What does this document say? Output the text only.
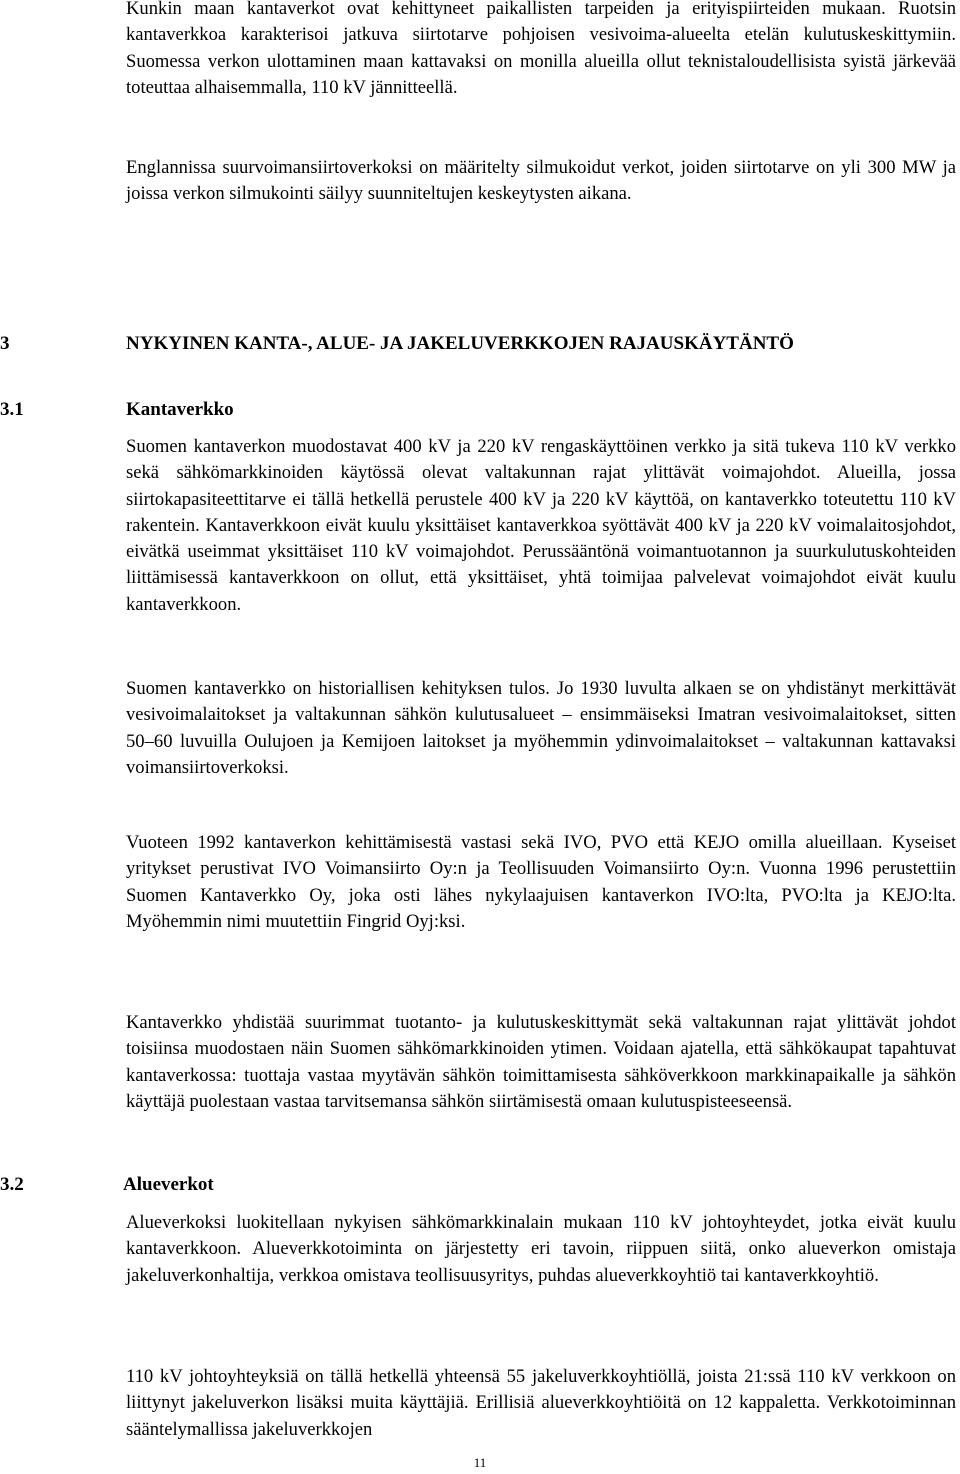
Kunkin maan kantaverkot ovat kehittyneet paikallisten tarpeiden ja erityispiirteiden mukaan. Ruotsin kantaverkkoa karakterisoi jatkuva siirtotarve pohjoisen vesivoima-alueelta etelän kulutuskeskittymiin. Suomessa verkon ulottaminen maan kattavaksi on monilla alueilla ollut teknistaloudellisista syistä järkevää toteuttaa alhaisemmalla, 110 kV jännitteellä.

Englannissa suurvoimansiirtoverkoksi on määritelty silmukoidut verkot, joiden siirtotarve on yli 300 MW ja joissa verkon silmukointi säilyy suunniteltujen keskeytysten aikana.

3	NYKYINEN KANTA-, ALUE- JA JAKELUVERKKOJEN RAJAUSKÄYTÄNTÖ
3.1	Kantaverkko

Suomen kantaverkon muodostavat 400 kV ja 220 kV rengaskäyttöinen verkko ja sitä tukeva 110 kV verkko sekä sähkömarkkinoiden käytössä olevat valtakunnan rajat ylittävät voimajohdot. Alueilla, jossa siirtokapasiteettitarve ei tällä hetkellä perustele 400 kV ja 220 kV käyttöä, on kantaverkko toteutettu 110 kV rakentein. Kantaverkkoon eivät kuulu yksittäiset kantaverkkoa syöttävät 400 kV ja 220 kV voimalaitosjohdot, eivätkä useimmat yksittäiset 110 kV voimajohdot. Perussääntönä voimantuotannon ja suurkulutuskohteiden liittämisessä kantaverkkoon on ollut, että yksittäiset, yhtä toimijaa palvelevat voimajohdot eivät kuulu kantaverkkoon.

Suomen kantaverkko on historiallisen kehityksen tulos. Jo 1930 luvulta alkaen se on yhdistänyt merkittävät vesivoimalaitokset ja valtakunnan sähkön kulutusalueet – ensimmäiseksi Imatran vesivoimalaitokset, sitten 50–60 luvuilla Oulujoen ja Kemijoen laitokset ja myöhemmin ydinvoimalaitokset – valtakunnan kattavaksi voimansiirtoverkoksi.

Vuoteen 1992 kantaverkon kehittämisestä vastasi sekä IVO, PVO että KEJO omilla alueillaan. Kyseiset yritykset perustivat IVO Voimansiirto Oy:n ja Teollisuuden Voimansiirto Oy:n. Vuonna 1996 perustettiin Suomen Kantaverkko Oy, joka osti lähes nykylaajuisen kantaverkon IVO:lta, PVO:lta ja KEJO:lta. Myöhemmin nimi muutettiin Fingrid Oyj:ksi.

Kantaverkko yhdistää suurimmat tuotanto- ja kulutuskeskittymät sekä valtakunnan rajat ylittävät johdot toisiinsa muodostaen näin Suomen sähkömarkkinoiden ytimen. Voidaan ajatella, että sähkökaupat tapahtuvat kantaverkossa: tuottaja vastaa myytävän sähkön toimittamisesta sähköverkkoon markkinapaikalle ja sähkön käyttäjä puolestaan vastaa tarvitsemansa sähkön siirtämisestä omaan kulutuspisteeseensä.

3.2	Alueverkot

Alueverkoksi luokitellaan nykyisen sähkömarkkinalain mukaan 110 kV johtoyhteydet, jotka eivät kuulu kantaverkkoon. Alueverkkotoiminta on järjestetty eri tavoin, riippuen siitä, onko alueverkon omistaja jakeluverkonhaltija, verkkoa omistava teollisuusyritys, puhdas alueverkkoyhtiö tai kantaverkkoyhtiö.

110 kV johtoyhteyksiä on tällä hetkellä yhteensä 55 jakeluverkkoyhtiöllä, joista 21:ssä 110 kV verkkoon on liittynyt jakeluverkon lisäksi muita käyttäjiä. Erillisiä alueverkkoyhtiöitä on 12 kappaletta. Verkkotoiminnan sääntelymallissa jakeluverkkojen

11
